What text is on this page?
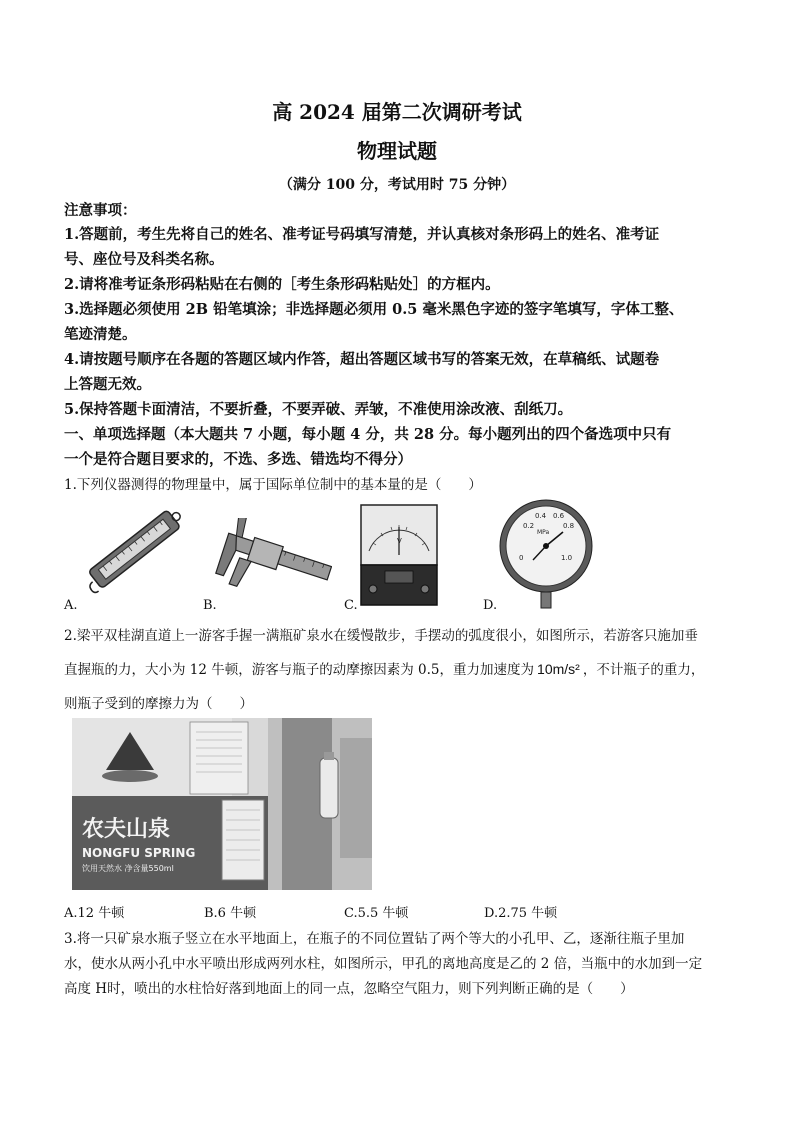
高 2024 届第二次调研考试
物理试题
（满分 100 分，考试用时 75 分钟）
注意事项：
1.答题前，考生先将自己的姓名、准考证号码填写清楚，并认真核对条形码上的姓名、准考证
号、座位号及科类名称。
2.请将准考证条形码粘贴在右侧的［考生条形码粘贴处］的方框内。
3.选择题必须使用 2B 铅笔填涂；非选择题必须用 0.5 毫米黑色字迹的签字笔填写，字体工整、
笔迹清楚。
4.请按题号顺序在各题的答题区域内作答，超出答题区域书写的答案无效，在草稿纸、试题卷
上答题无效。
5.保持答题卡面清洁，不要折叠，不要弄破、弄皱，不准使用涂改液、刮纸刀。
一、单项选择题（本大题共 7 小题，每小题 4 分，共 28 分。每小题列出的四个备选项中只有
一个是符合题目要求的，不选、多选、错选均不得分）
1.下列仪器测得的物理量中，属于国际单位制中的基本量的是（　　）
V
0.2
0.4 0.6
0.8
0	1.0
MPa
A.	B.	C.	D.
2.梁平双桂湖直道上一游客手握一满瓶矿泉水在缓慢散步，手摆动的弧度很小，如图所示，若游客只施加垂
直握瓶的力，大小为 12 牛顿，游客与瓶子的动摩擦因素为 0.5，重力加速度为 10m/s² ，不计瓶子的重力，
则瓶子受到的摩擦力为（　　）
农夫山泉
NONGFU SPRING
饮用天然水 净含量550ml
A.12 牛顿	B.6 牛顿	C.5.5 牛顿	D.2.75 牛顿
3.将一只矿泉水瓶子竖立在水平地面上，在瓶子的不同位置钻了两个等大的小孔甲、乙，逐渐往瓶子里加
水，使水从两小孔中水平喷出形成两列水柱，如图所示，甲孔的离地高度是乙的 2 倍，当瓶中的水加到一定
高度 H时，喷出的水柱恰好落到地面上的同一点，忽略空气阻力，则下列判断正确的是（　　）
